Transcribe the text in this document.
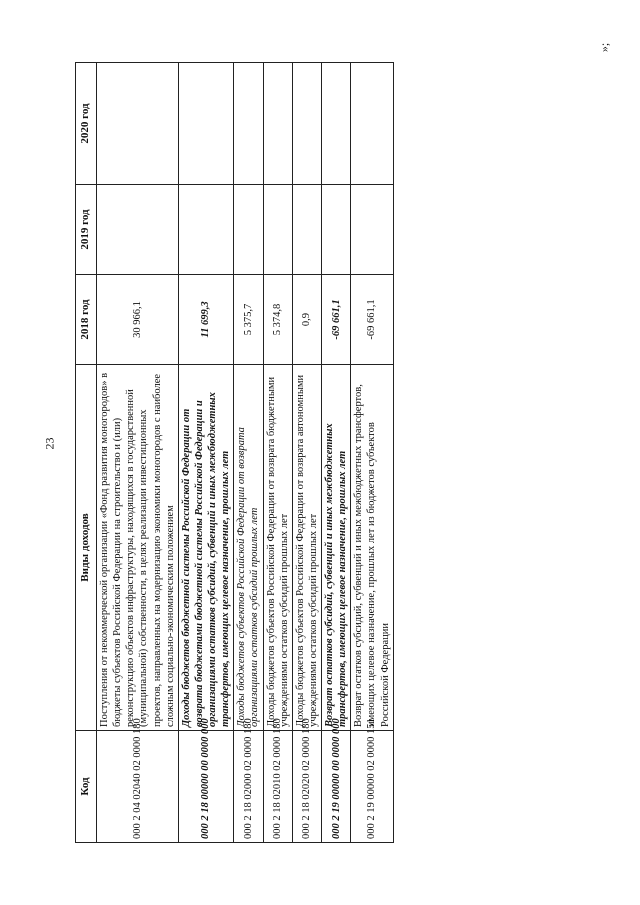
23
»;
Код	Виды доходов	2018 год	2019 год	2020 год
000 2 04 02040 02 0000 180	Поступления от некоммерческой организации «Фонд развития моногородов» в бюджеты субъектов Российской Федерации на строительство и (или) реконструкцию объектов инфраструктуры, находящихся в государственной (муниципальной) собственности, в целях реализации инвестиционных проектов, направленных на модернизацию экономики моногородов с наиболее сложным социально-экономическим положением	30 966,1		
000 2 18 00000 00 0000 000	Доходы бюджетов бюджетной системы Российской Федерации от возврата бюджетами бюджетной системы Российской Федерации и организациями остатков субсидий, субвенций и иных межбюджетных трансфертов, имеющих целевое назначение, прошлых лет	11 699,3		
000 2 18 02000 02 0000 180	Доходы бюджетов субъектов Российской Федерации от возврата организациями остатков субсидий прошлых лет	5 375,7		
000 2 18 02010 02 0000 180	Доходы бюджетов субъектов Российской Федерации от возврата бюджетными учреждениями остатков субсидий прошлых лет	5 374,8		
000 2 18 02020 02 0000 180	Доходы бюджетов субъектов Российской Федерации от возврата автономными учреждениями остатков субсидий прошлых лет	0,9		
000 2 19 00000 00 0000 000	Возврат остатков субсидий, субвенций и иных межбюджетных трансфертов, имеющих целевое назначение, прошлых лет	-69 661,1		
000 2 19 00000 02 0000 151	Возврат остатков субсидий, субвенций и иных межбюджетных трансфертов, имеющих целевое назначение, прошлых лет из бюджетов субъектов Российской Федерации	-69 661,1		
